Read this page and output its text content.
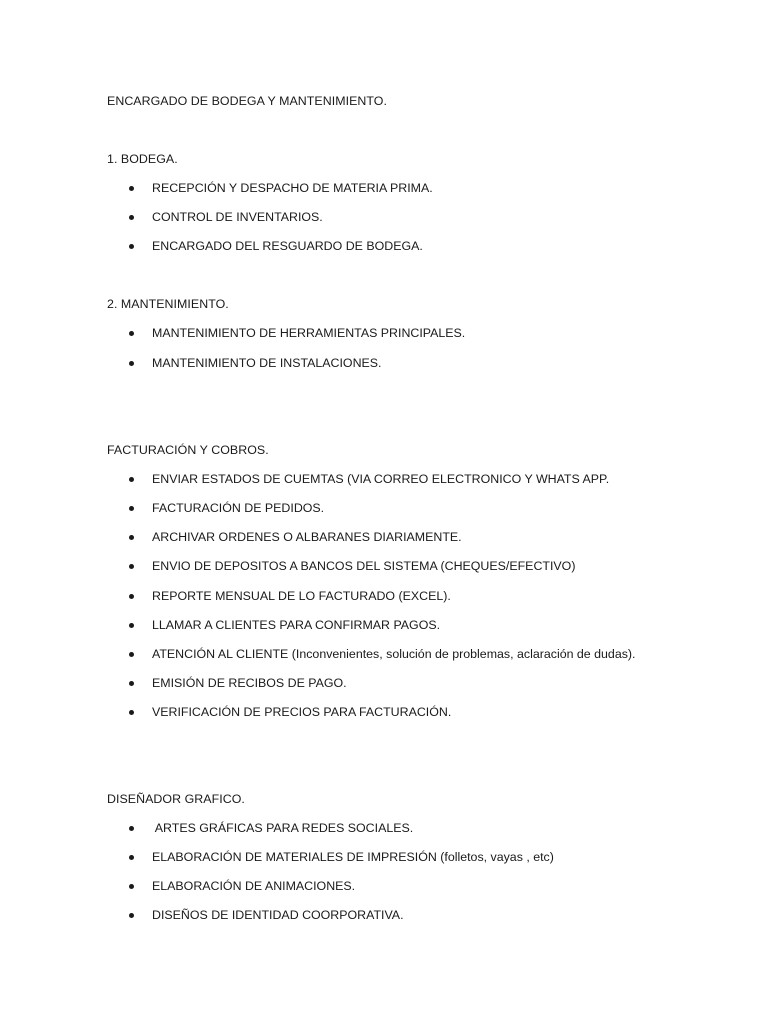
ENCARGADO DE BODEGA Y MANTENIMIENTO.
1. BODEGA.
RECEPCIÓN Y DESPACHO DE MATERIA PRIMA.
CONTROL DE INVENTARIOS.
ENCARGADO DEL RESGUARDO DE BODEGA.
2. MANTENIMIENTO.
MANTENIMIENTO DE HERRAMIENTAS PRINCIPALES.
MANTENIMIENTO DE INSTALACIONES.
FACTURACIÓN Y COBROS.
ENVIAR ESTADOS DE CUEMTAS (VIA CORREO ELECTRONICO Y WHATS APP.
FACTURACIÓN DE PEDIDOS.
ARCHIVAR ORDENES O ALBARANES DIARIAMENTE.
ENVIO DE DEPOSITOS A BANCOS DEL SISTEMA (CHEQUES/EFECTIVO)
REPORTE MENSUAL DE LO FACTURADO (EXCEL).
LLAMAR A CLIENTES PARA CONFIRMAR PAGOS.
ATENCIÓN AL CLIENTE (Inconvenientes, solución de problemas, aclaración de dudas).
EMISIÓN DE RECIBOS DE PAGO.
VERIFICACIÓN DE PRECIOS PARA FACTURACIÓN.
DISEÑADOR GRAFICO.
ARTES GRÁFICAS PARA REDES SOCIALES.
ELABORACIÓN DE MATERIALES DE IMPRESIÓN (folletos, vayas , etc)
ELABORACIÓN DE ANIMACIONES.
DISEÑOS DE IDENTIDAD COORPORATIVA.
